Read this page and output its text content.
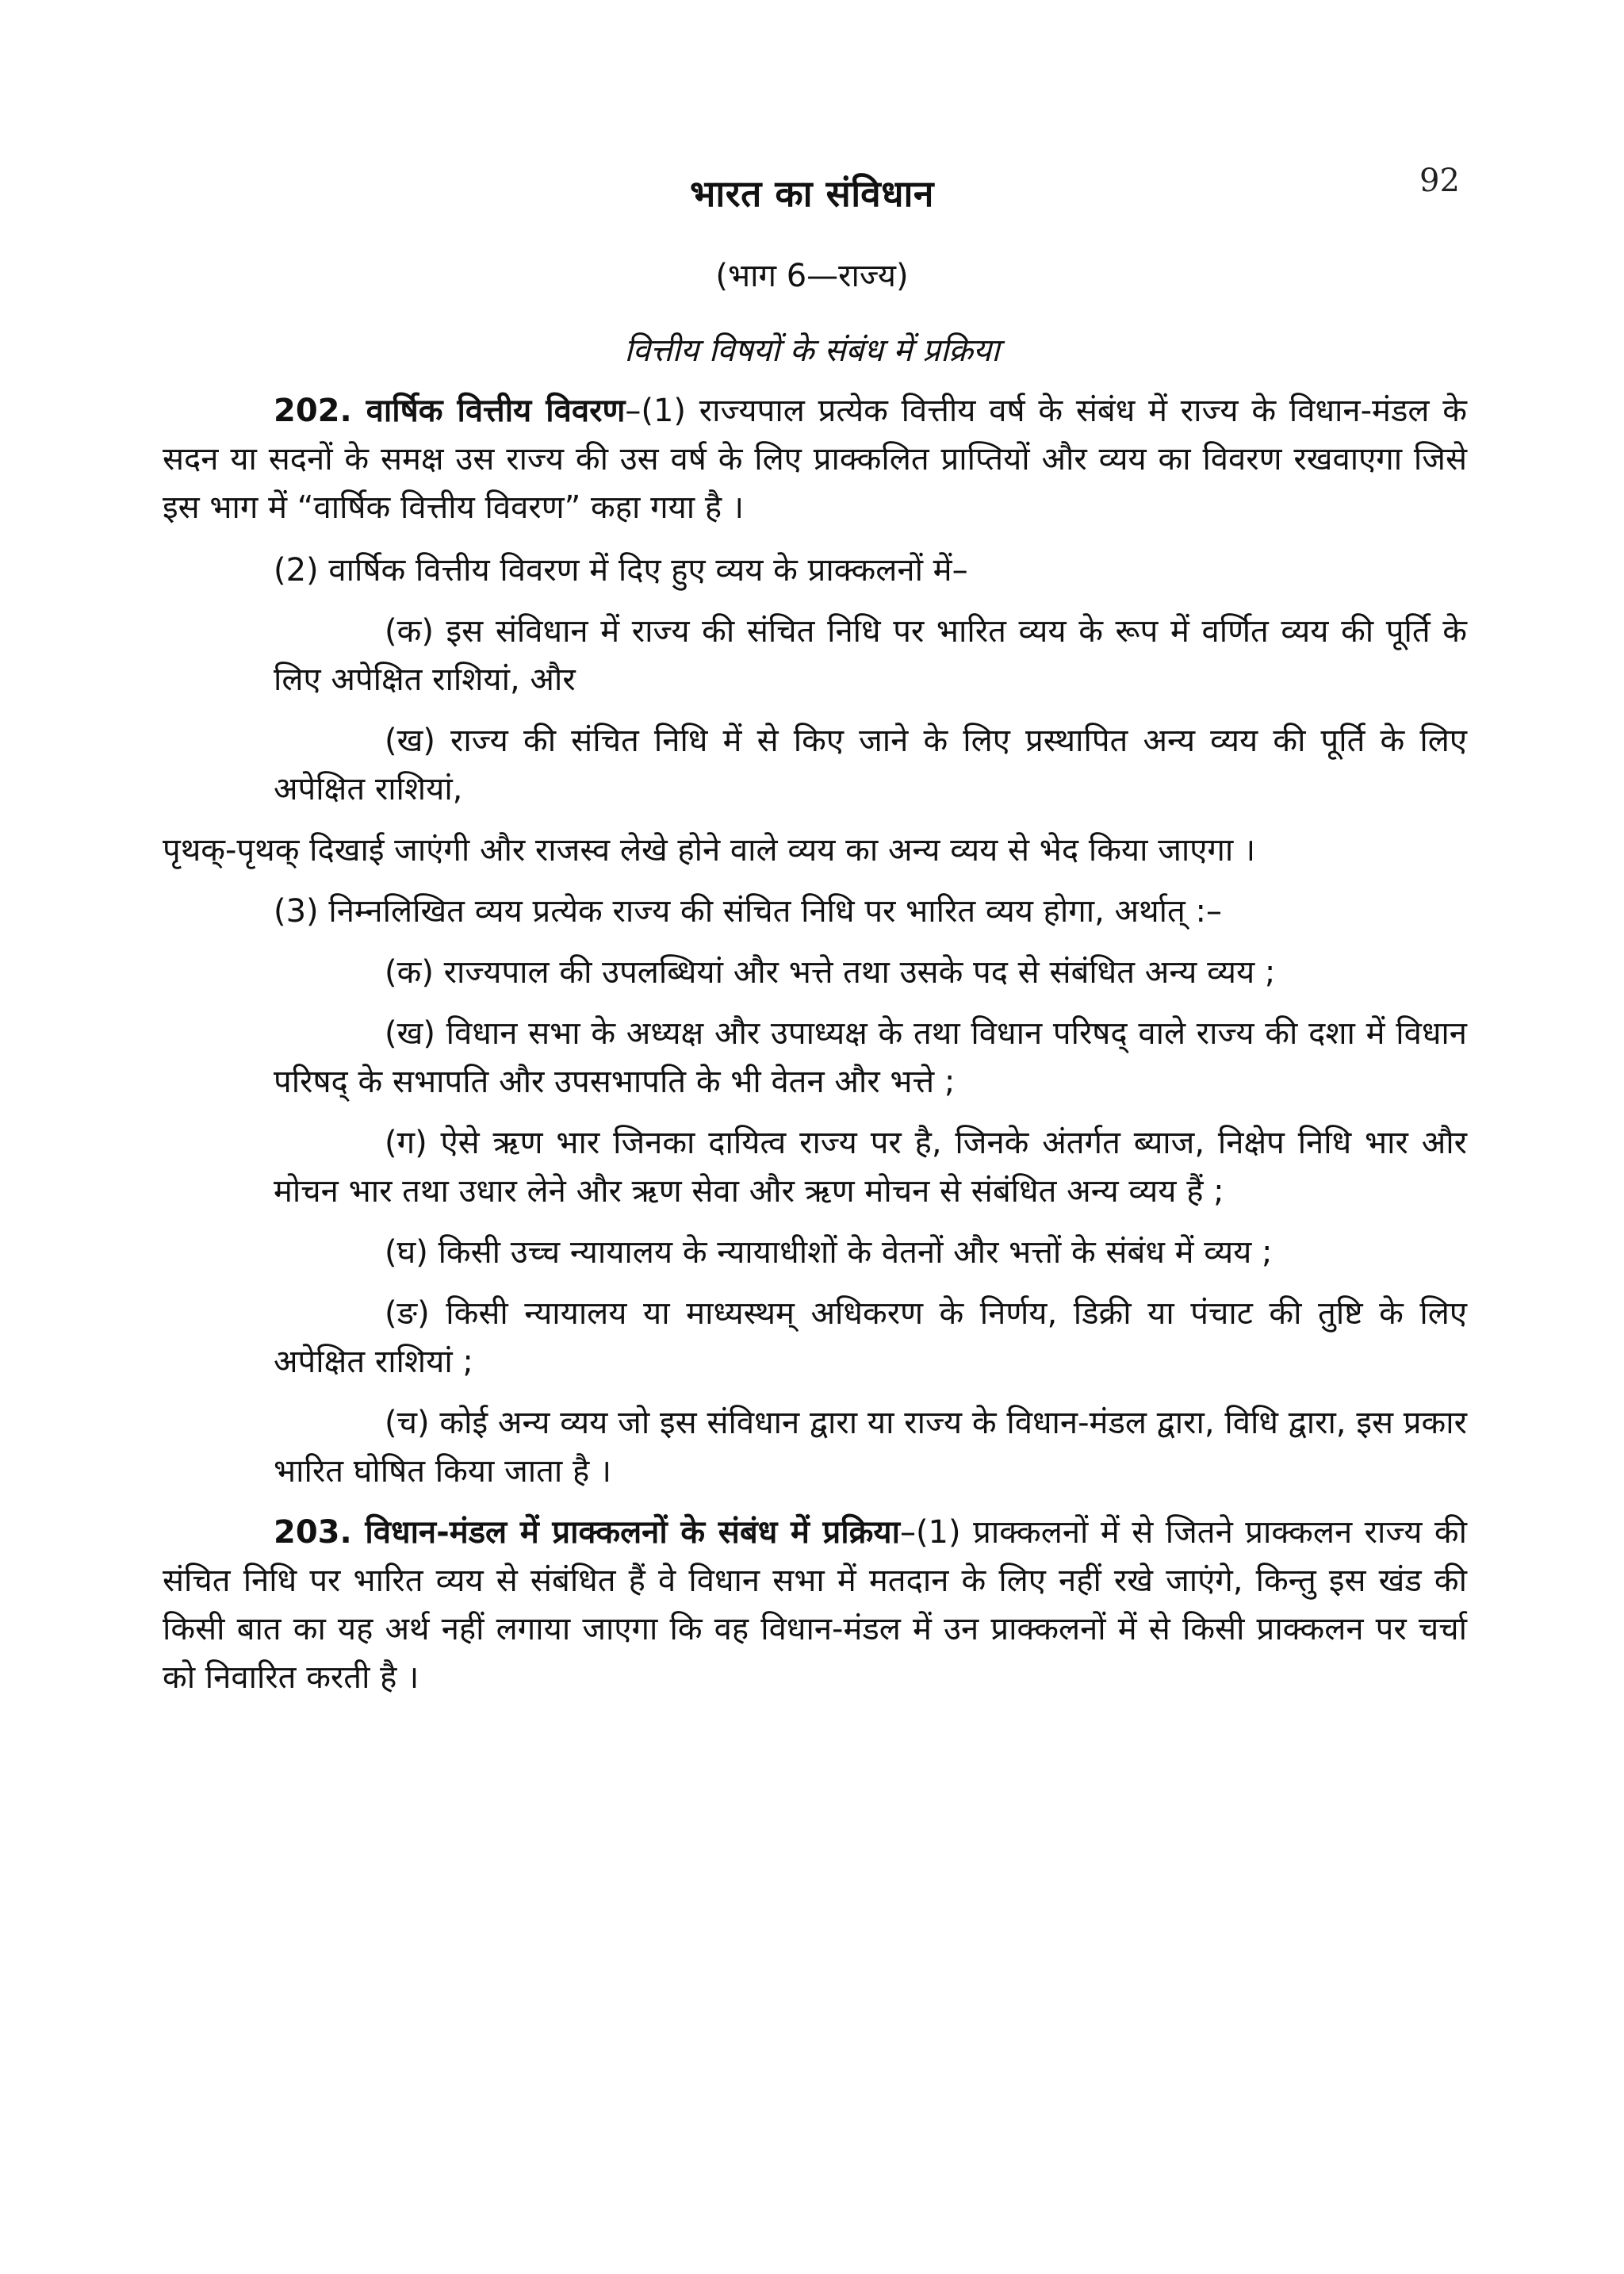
92
भारत का संविधान
(भाग 6—राज्य)
वित्तीय विषयों के संबंध में प्रक्रिया

202. वार्षिक वित्तीय विवरण–(1) राज्यपाल प्रत्येक वित्तीय वर्ष के संबंध में राज्य के विधान-मंडल के सदन या सदनों के समक्ष उस राज्य की उस वर्ष के लिए प्राक्कलित प्राप्तियों और व्यय का विवरण रखवाएगा जिसे इस भाग में “वार्षिक वित्तीय विवरण” कहा गया है ।

(2) वार्षिक वित्तीय विवरण में दिए हुए व्यय के प्राक्कलनों में–

(क) इस संविधान में राज्य की संचित निधि पर भारित व्यय के रूप में वर्णित व्यय की पूर्ति के लिए अपेक्षित राशियां, और

(ख) राज्य की संचित निधि में से किए जाने के लिए प्रस्थापित अन्य व्यय की पूर्ति के लिए अपेक्षित राशियां,

पृथक्-पृथक् दिखाई जाएंगी और राजस्व लेखे होने वाले व्यय का अन्य व्यय से भेद किया जाएगा ।

(3) निम्नलिखित व्यय प्रत्येक राज्य की संचित निधि पर भारित व्यय होगा, अर्थात् :–

(क) राज्यपाल की उपलब्धियां और भत्ते तथा उसके पद से संबंधित अन्य व्यय ;

(ख) विधान सभा के अध्यक्ष और उपाध्यक्ष के तथा विधान परिषद् वाले राज्य की दशा में विधान परिषद् के सभापति और उपसभापति के भी वेतन और भत्ते ;

(ग) ऐसे ऋण भार जिनका दायित्व राज्य पर है, जिनके अंतर्गत ब्याज, निक्षेप निधि भार और मोचन भार तथा उधार लेने और ऋण सेवा और ऋण मोचन से संबंधित अन्य व्यय हैं ;

(घ) किसी उच्च न्यायालय के न्यायाधीशों के वेतनों और भत्तों के संबंध में व्यय ;

(ङ) किसी न्यायालय या माध्यस्थम् अधिकरण के निर्णय, डिक्री या पंचाट की तुष्टि के लिए अपेक्षित राशियां ;

(च) कोई अन्य व्यय जो इस संविधान द्वारा या राज्य के विधान-मंडल द्वारा, विधि द्वारा, इस प्रकार भारित घोषित किया जाता है ।

203. विधान-मंडल में प्राक्कलनों के संबंध में प्रक्रिया–(1) प्राक्कलनों में से जितने प्राक्कलन राज्य की संचित निधि पर भारित व्यय से संबंधित हैं वे विधान सभा में मतदान के लिए नहीं रखे जाएंगे, किन्तु इस खंड की किसी बात का यह अर्थ नहीं लगाया जाएगा कि वह विधान-मंडल में उन प्राक्कलनों में से किसी प्राक्कलन पर चर्चा को निवारित करती है ।
